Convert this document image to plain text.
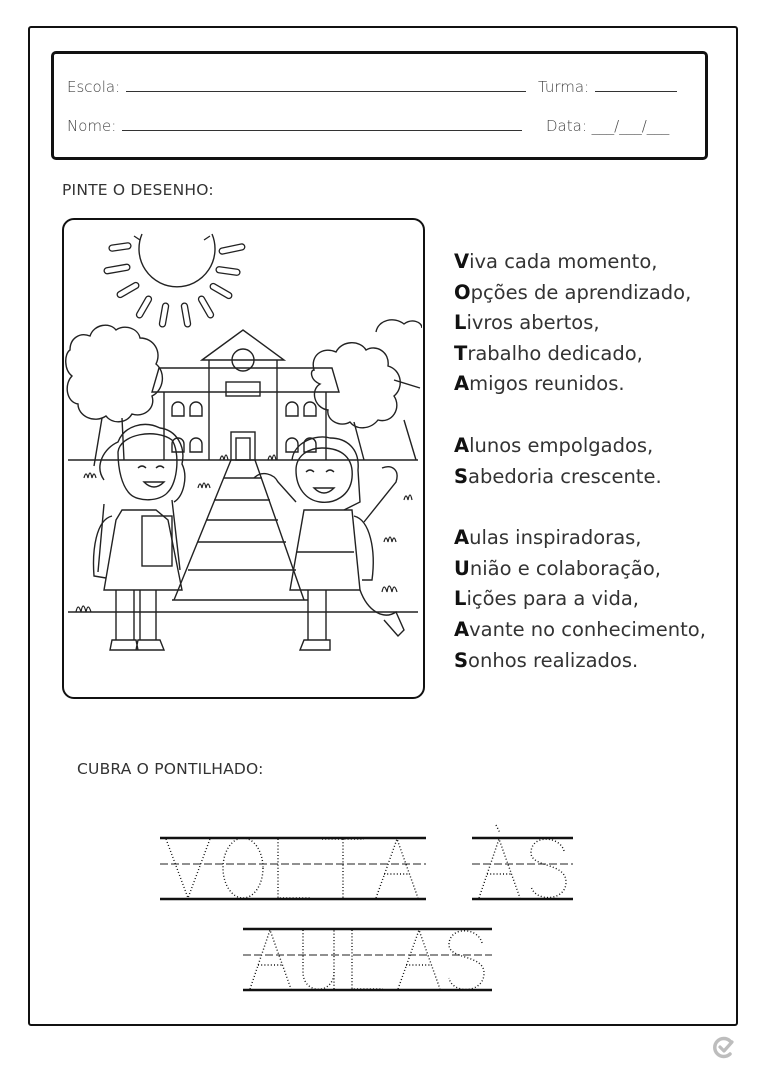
Escola:	Turma:
Nome:	Data: ___/___/___
PINTE O DESENHO:
Viva cada momento,
Opções de aprendizado,
Livros abertos,
Trabalho dedicado,
Amigos reunidos.
Alunos empolgados,
Sabedoria crescente.
Aulas inspiradoras,
União e colaboração,
Lições para a vida,
Avante no conhecimento,
Sonhos realizados.
CUBRA O PONTILHADO:
